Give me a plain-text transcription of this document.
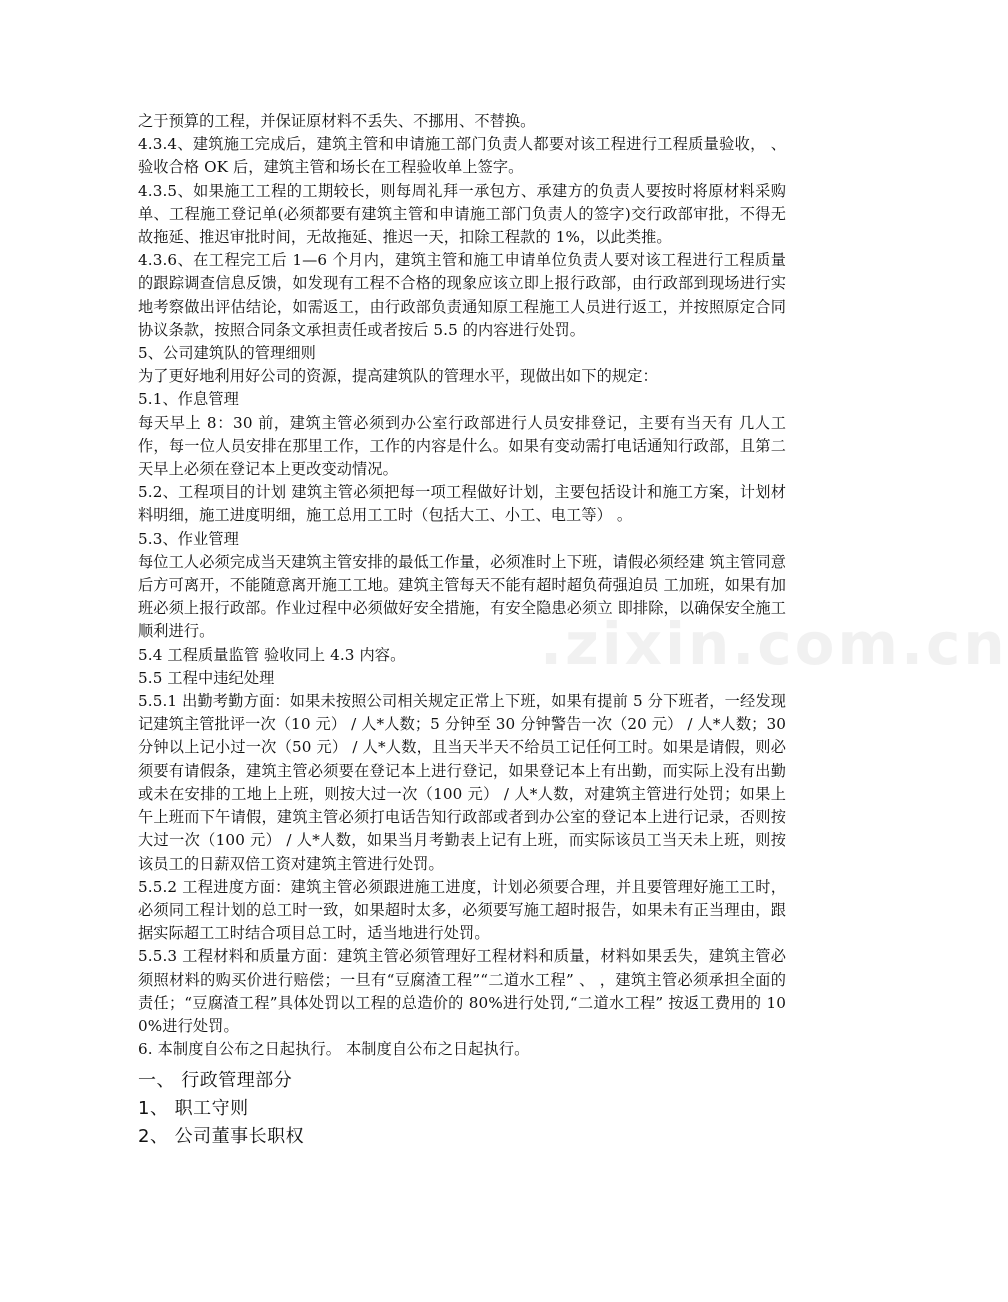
之于预算的工程，并保证原材料不丢失、不挪用、不替换。

4.3.4、建筑施工完成后，建筑主管和申请施工部门负责人都要对该工程进行工程质量验收， 、 验收合格 OK 后，建筑主管和场长在工程验收单上签字。

4.3.5、如果施工工程的工期较长，则每周礼拜一承包方、承建方的负责人要按时将原材料采购单、工程施工登记单(必须都要有建筑主管和申请施工部门负责人的签字)交行政部审批，不得无故拖延、推迟审批时间，无故拖延、推迟一天，扣除工程款的 1%，以此类推。

4.3.6、在工程完工后 1—6 个月内，建筑主管和施工申请单位负责人要对该工程进行工程质量的跟踪调查信息反馈，如发现有工程不合格的现象应该立即上报行政部，由行政部到现场进行实地考察做出评估结论，如需返工，由行政部负责通知原工程施工人员进行返工，并按照原定合同协议条款，按照合同条文承担责任或者按后 5.5 的内容进行处罚。

5、公司建筑队的管理细则

为了更好地利用好公司的资源，提高建筑队的管理水平，现做出如下的规定：

5.1、作息管理

每天早上 8：30 前，建筑主管必须到办公室行政部进行人员安排登记，主要有当天有 几人工作，每一位人员安排在那里工作，工作的内容是什么。如果有变动需打电话通知行政部，且第二天早上必须在登记本上更改变动情况。

5.2、工程项目的计划 建筑主管必须把每一项工程做好计划，主要包括设计和施工方案，计划材料明细，施工进度明细，施工总用工工时（包括大工、小工、电工等） 。

5.3、作业管理

每位工人必须完成当天建筑主管安排的最低工作量，必须准时上下班，请假必须经建 筑主管同意后方可离开，不能随意离开施工工地。建筑主管每天不能有超时超负荷强迫员 工加班，如果有加班必须上报行政部。作业过程中必须做好安全措施，有安全隐患必须立 即排除，以确保安全施工顺利进行。

5.4 工程质量监管 验收同上 4.3 内容。

5.5 工程中违纪处理

5.5.1 出勤考勤方面：如果未按照公司相关规定正常上下班，如果有提前 5 分下班者，一经发现记建筑主管批评一次（10 元） / 人*人数；5 分钟至 30 分钟警告一次（20 元） / 人*人数；30 分钟以上记小过一次（50 元） / 人*人数，且当天半天不给员工记任何工时。如果是请假，则必须要有请假条，建筑主管必须要在登记本上进行登记，如果登记本上有出勤，而实际上没有出勤或未在安排的工地上上班，则按大过一次（100 元） / 人*人数，对建筑主管进行处罚；如果上午上班而下午请假，建筑主管必须打电话告知行政部或者到办公室的登记本上进行记录，否则按大过一次（100 元） / 人*人数，如果当月考勤表上记有上班，而实际该员工当天未上班，则按该员工的日薪双倍工资对建筑主管进行处罚。

5.5.2 工程进度方面：建筑主管必须跟进施工进度，计划必须要合理，并且要管理好施工工时，必须同工程计划的总工时一致，如果超时太多，必须要写施工超时报告，如果未有正当理由，跟据实际超工工时结合项目总工时，适当地进行处罚。

5.5.3 工程材料和质量方面：建筑主管必须管理好工程材料和质量，材料如果丢失，建筑主管必须照材料的购买价进行赔偿；一旦有“豆腐渣工程”“二道水工程” 、 ，建筑主管必须承担全面的责任；“豆腐渣工程”具体处罚以工程的总造价的 80%进行处罚,“二道水工程” 按返工费用的 100%进行处罚。

6. 本制度自公布之日起执行。 本制度自公布之日起执行。

一、 行政管理部分

1、 职工守则

2、 公司董事长职权

.zixin.com.cn
